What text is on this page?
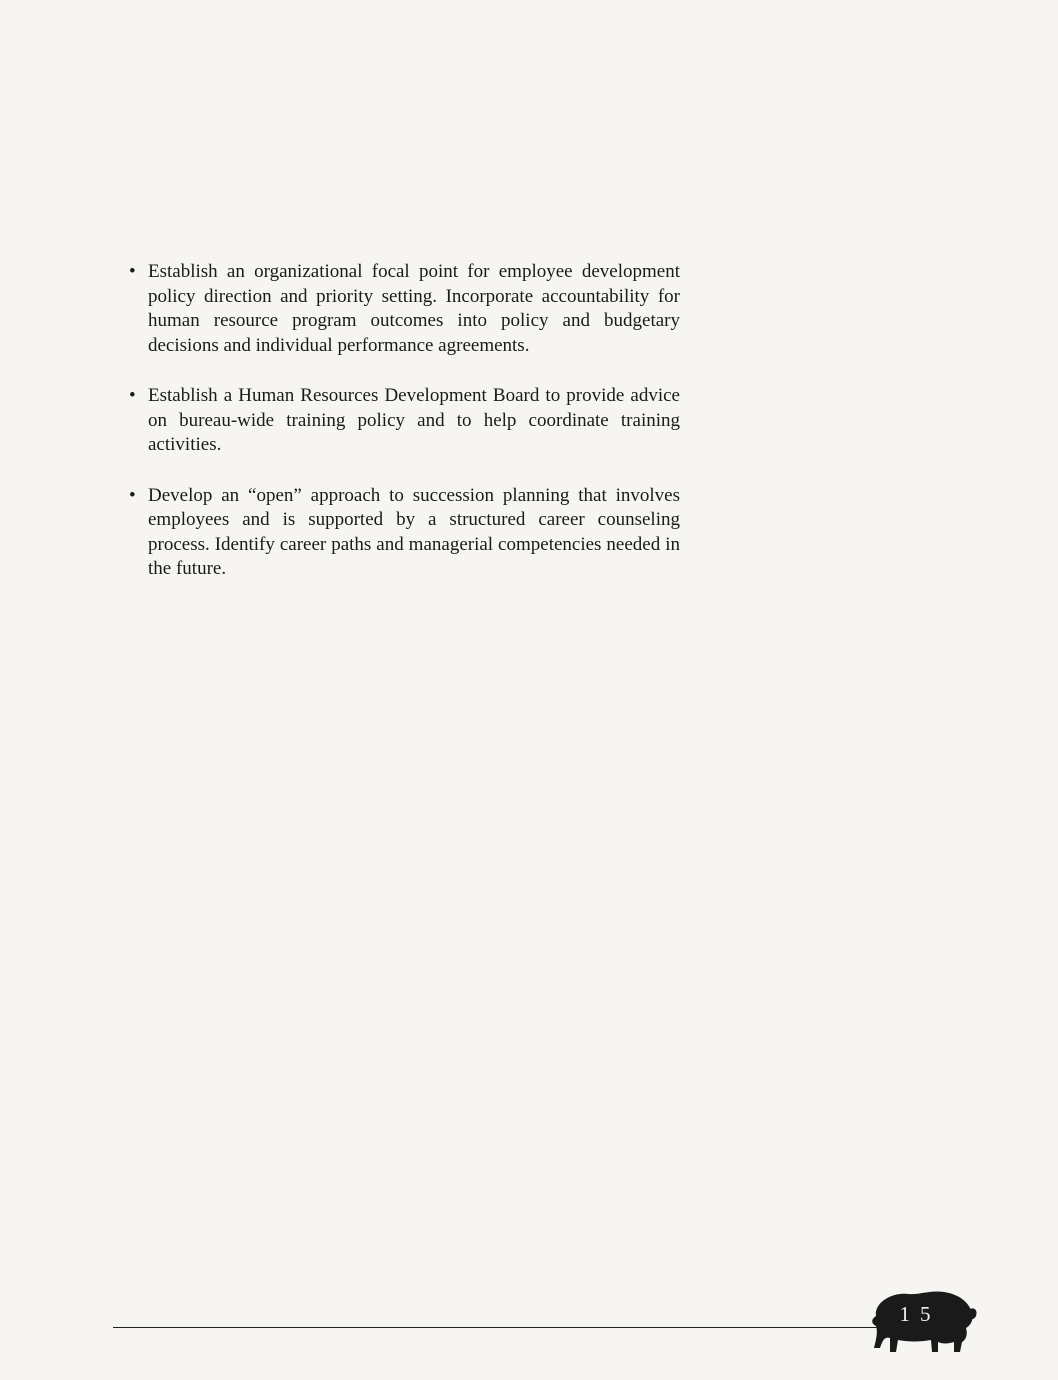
• Establish an organizational focal point for employee development policy direction and priority setting. Incorporate accountability for human resource program outcomes into policy and budgetary decisions and individual performance agreements.
• Establish a Human Resources Development Board to provide advice on bureau-wide training policy and to help coordinate training activities.
• Develop an “open” approach to succession planning that involves employees and is supported by a structured career counseling process. Identify career paths and managerial competencies needed in the future.
15
